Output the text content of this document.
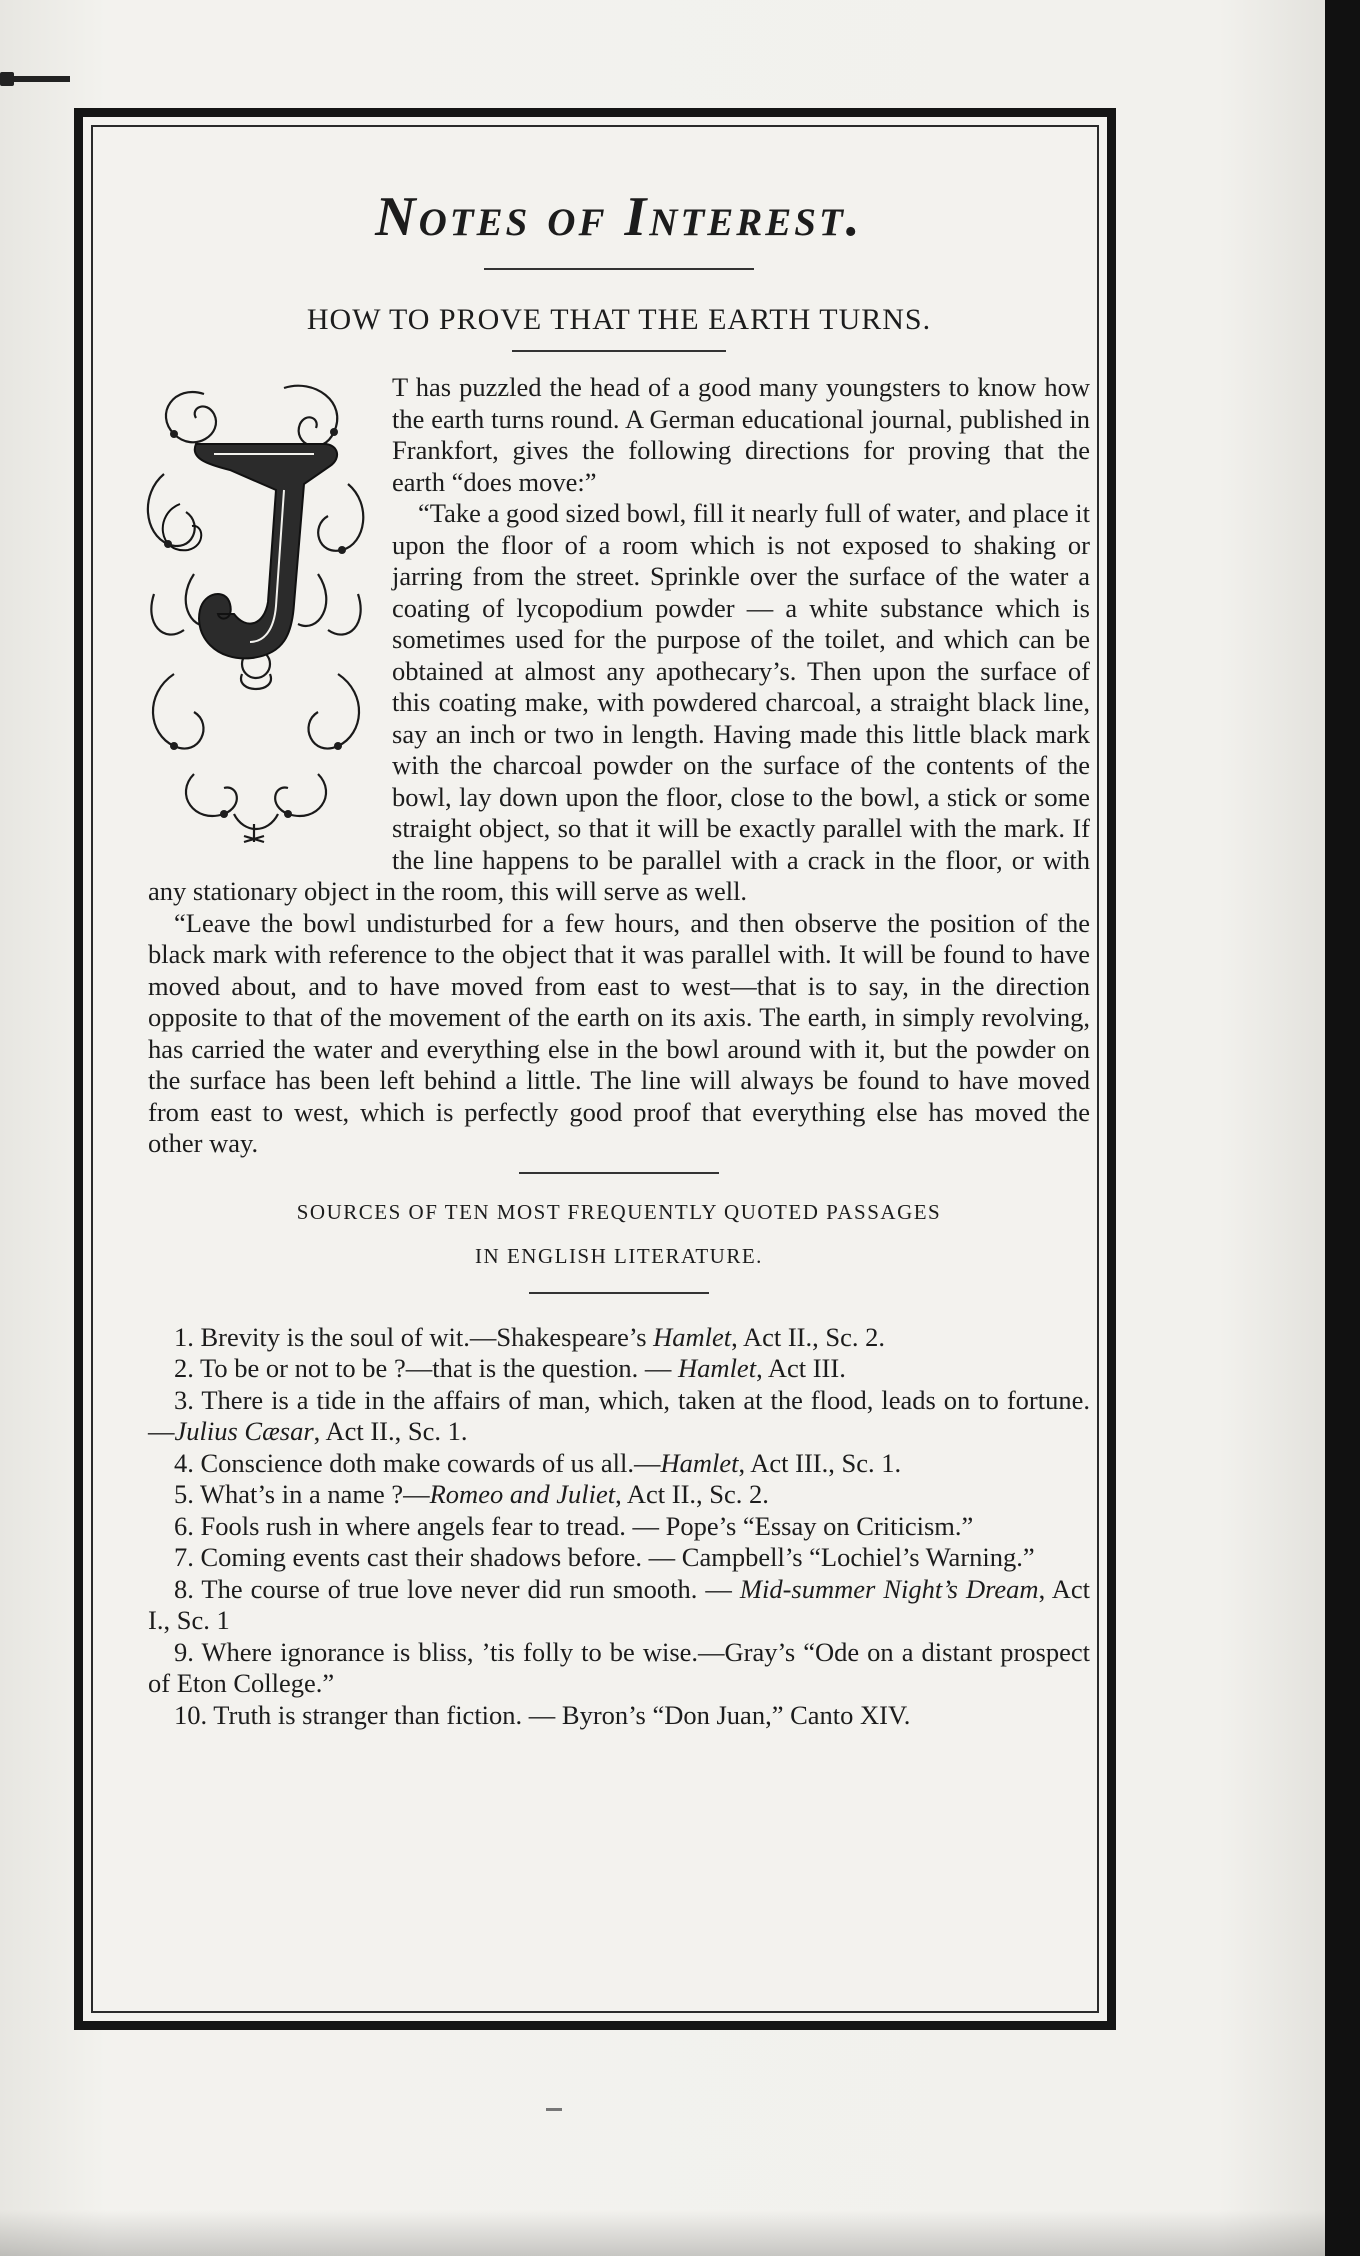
Notes of Interest.
HOW TO PROVE THAT THE EARTH TURNS.

T has puzzled the head of a good many youngsters to know how the earth turns round. A German educational journal, published in Frankfort, gives the following directions for proving that the earth “does move:”

“Take a good sized bowl, fill it nearly full of water, and place it upon the floor of a room which is not exposed to shaking or jarring from the street. Sprinkle over the surface of the water a coating of lycopodium powder — a white substance which is sometimes used for the purpose of the toilet, and which can be obtained at almost any apothecary’s. Then upon the surface of this coating make, with powdered charcoal, a straight black line, say an inch or two in length. Having made this little black mark with the charcoal powder on the surface of the contents of the bowl, lay down upon the floor, close to the bowl, a stick or some straight object, so that it will be exactly parallel with the mark. If the line happens to be parallel with a crack in the floor, or with any stationary object in the room, this will serve as well.

“Leave the bowl undisturbed for a few hours, and then observe the position of the black mark with reference to the object that it was parallel with. It will be found to have moved about, and to have moved from east to west—that is to say, in the direction opposite to that of the movement of the earth on its axis. The earth, in simply revolving, has carried the water and everything else in the bowl around with it, but the powder on the surface has been left behind a little. The line will always be found to have moved from east to west, which is perfectly good proof that everything else has moved the other way.

SOURCES OF TEN MOST FREQUENTLY QUOTED PASSAGES
IN ENGLISH LITERATURE.
1. Brevity is the soul of wit.—Shakespeare’s Hamlet, Act II., Sc. 2.
2. To be or not to be ?—that is the question. — Hamlet, Act III.
3. There is a tide in the affairs of man, which, taken at the flood, leads on to fortune.—Julius Cæsar, Act II., Sc. 1.
4. Conscience doth make cowards of us all.—Hamlet, Act III., Sc. 1.
5. What’s in a name ?—Romeo and Juliet, Act II., Sc. 2.
6. Fools rush in where angels fear to tread. — Pope’s “Essay on Criticism.”
7. Coming events cast their shadows before. — Campbell’s “Lochiel’s Warning.”
8. The course of true love never did run smooth. — Mid-summer Night’s Dream, Act I., Sc. 1
9. Where ignorance is bliss, ’tis folly to be wise.—Gray’s “Ode on a distant prospect of Eton College.”
10. Truth is stranger than fiction. — Byron’s “Don Juan,” Canto XIV.
